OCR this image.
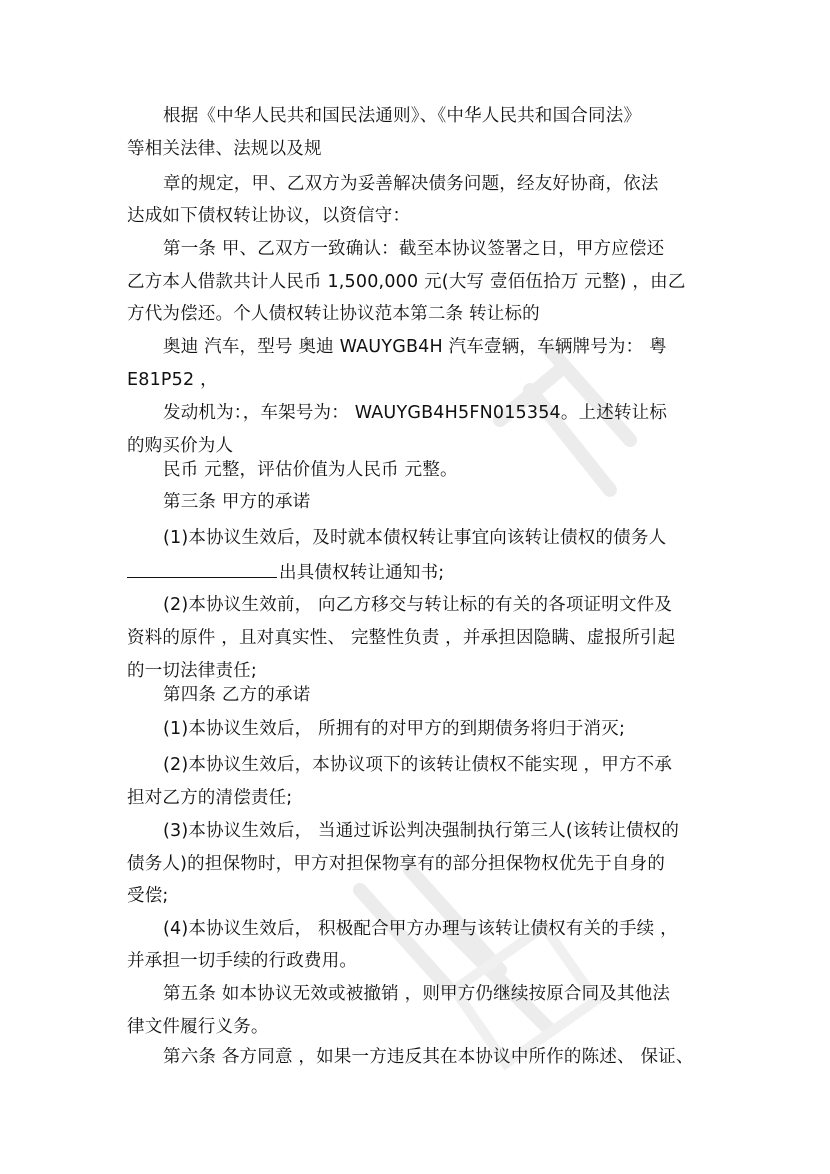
根据《中华人民共和国民法通则》、《中华人民共和国合同法》
等相关法律、法规以及规
章的规定，甲、乙双方为妥善解决债务问题，经友好协商，依法
达成如下债权转让协议，以资信守：
第一条 甲、乙双方一致确认：截至本协议签署之日，甲方应偿还
乙方本人借款共计人民币 1,500,000 元(大写 壹佰伍拾万 元整) ，由乙
方代为偿还。个人债权转让协议范本第二条 转让标的
奥迪 汽车，型号 奥迪 WAUYGB4H 汽车壹辆，车辆牌号为： 粤
E81P52 ，
发动机为：，车架号为： WAUYGB4H5FN015354。上述转让标
的购买价为人
民币 元整，评估价值为人民币 元整。
第三条 甲方的承诺
(1)本协议生效后，及时就本债权转让事宜向该转让债权的债务人
出具债权转让通知书;
(2)本协议生效前， 向乙方移交与转让标的有关的各项证明文件及
资料的原件 ，且对真实性、 完整性负责 ，并承担因隐瞒、虚报所引起
的一切法律责任;
第四条 乙方的承诺
(1)本协议生效后， 所拥有的对甲方的到期债务将归于消灭;
(2)本协议生效后，本协议项下的该转让债权不能实现 ，甲方不承
担对乙方的清偿责任;
(3)本协议生效后， 当通过诉讼判决强制执行第三人(该转让债权的
债务人)的担保物时，甲方对担保物享有的部分担保物权优先于自身的
受偿;
(4)本协议生效后， 积极配合甲方办理与该转让债权有关的手续 ，
并承担一切手续的行政费用。
第五条 如本协议无效或被撤销 ，则甲方仍继续按原合同及其他法
律文件履行义务。
第六条 各方同意 ，如果一方违反其在本协议中所作的陈述、 保证、
